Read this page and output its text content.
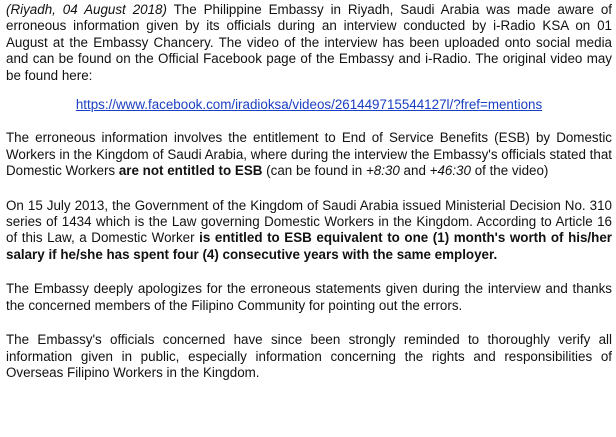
(Riyadh, 04 August 2018) The Philippine Embassy in Riyadh, Saudi Arabia was made aware of erroneous information given by its officials during an interview conducted by i-Radio KSA on 01 August at the Embassy Chancery. The video of the interview has been uploaded onto social media and can be found on the Official Facebook page of the Embassy and i-Radio. The original video may be found here:

https://www.facebook.com/iradioksa/videos/261449715544127l/?fref=mentions

The erroneous information involves the entitlement to End of Service Benefits (ESB) by Domestic Workers in the Kingdom of Saudi Arabia, where during the interview the Embassy's officials stated that Domestic Workers are not entitled to ESB (can be found in +8:30 and +46:30 of the video)

On 15 July 2013, the Government of the Kingdom of Saudi Arabia issued Ministerial Decision No. 310 series of 1434 which is the Law governing Domestic Workers in the Kingdom. According to Article 16 of this Law, a Domestic Worker is entitled to ESB equivalent to one (1) month's worth of his/her salary if he/she has spent four (4) consecutive years with the same employer.

The Embassy deeply apologizes for the erroneous statements given during the interview and thanks the concerned members of the Filipino Community for pointing out the errors.

The Embassy's officials concerned have since been strongly reminded to thoroughly verify all information given in public, especially information concerning the rights and responsibilities of Overseas Filipino Workers in the Kingdom.
